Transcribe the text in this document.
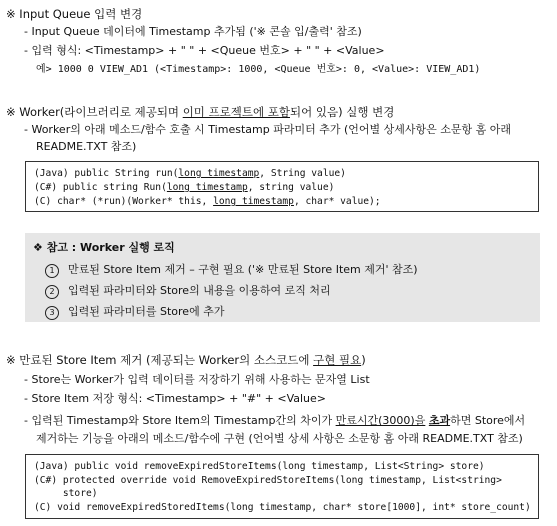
※ Input Queue 입력 변경
- Input Queue 데이터에 Timestamp 추가됨 ('※ 콘솔 입/출력' 참조)
- 입력 형식: <Timestamp> + " " + <Queue 번호> + " " + <Value>
예> 1000 0 VIEW_AD1 (<Timestamp>: 1000, <Queue 번호>: 0, <Value>: VIEW_AD1)
※ Worker(라이브러리로 제공되며 이미 프로젝트에 포함되어 있음) 실행 변경
- Worker의 아래 메소드/함수 호출 시 Timestamp 파라미터 추가 (언어별 상세사항은 소문항 홈 아래
README.TXT 참조)
(Java) public String run(long timestamp, String value)
(C#) public string Run(long timestamp, string value)
(C) char* (*run)(Worker* this, long timestamp, char* value);
❖ 참고 : Worker 실행 로직
1 만료된 Store Item 제거 – 구현 필요 ('※ 만료된 Store Item 제거' 참조)
2 입력된 파라미터와 Store의 내용을 이용하여 로직 처리
3 입력된 파라미터를 Store에 추가
※ 만료된 Store Item 제거 (제공되는 Worker의 소스코드에 구현 필요)
- Store는 Worker가 입력 데이터를 저장하기 위해 사용하는 문자열 List
- Store Item 저장 형식: <Timestamp> + "#" + <Value>
- 입력된 Timestamp와 Store Item의 Timestamp간의 차이가 만료시간(3000)을 초과하면 Store에서
제거하는 기능을 아래의 메소드/함수에 구현 (언어별 상세 사항은 소문항 홈 아래 README.TXT 참조)
(Java) public void removeExpiredStoreItems(long timestamp, List<String> store)
(C#) protected override void RemoveExpiredStoreItems(long timestamp, List<string>
store)
(C) void removeExpiredStoredItems(long timestamp, char* store[1000], int* store_count)
